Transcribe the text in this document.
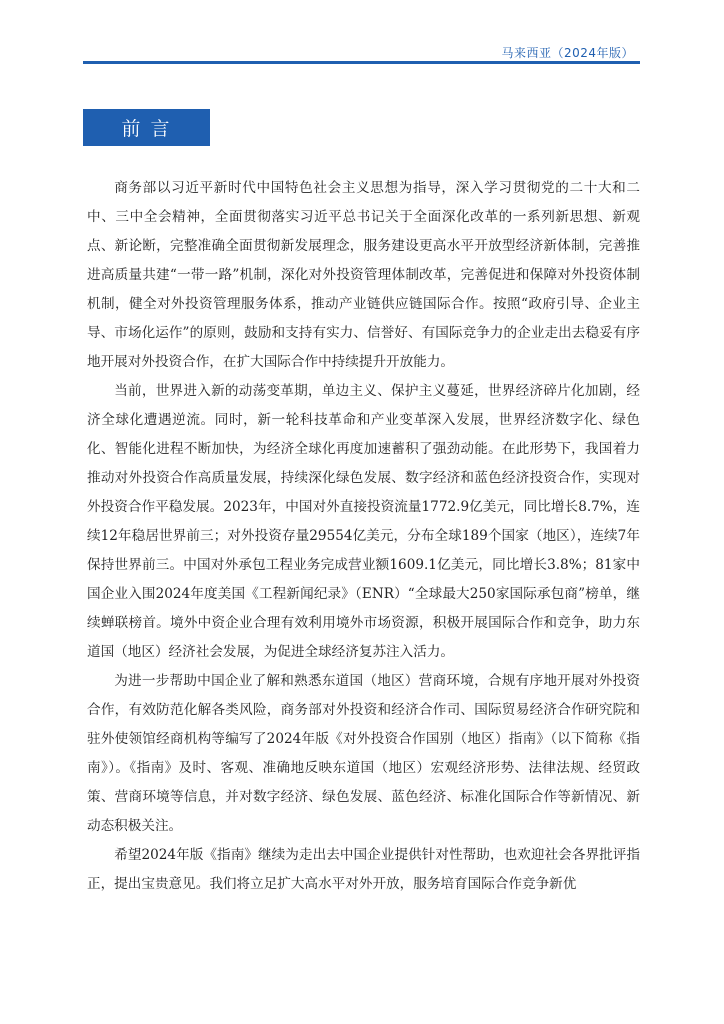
马来西亚（2024年版）
前言

商务部以习近平新时代中国特色社会主义思想为指导，深入学习贯彻党的二十大和二中、三中全会精神，全面贯彻落实习近平总书记关于全面深化改革的一系列新思想、新观点、新论断，完整准确全面贯彻新发展理念，服务建设更高水平开放型经济新体制，完善推进高质量共建“一带一路”机制，深化对外投资管理体制改革，完善促进和保障对外投资体制机制，健全对外投资管理服务体系，推动产业链供应链国际合作。按照“政府引导、企业主导、市场化运作”的原则，鼓励和支持有实力、信誉好、有国际竞争力的企业走出去稳妥有序地开展对外投资合作，在扩大国际合作中持续提升开放能力。

当前，世界进入新的动荡变革期，单边主义、保护主义蔓延，世界经济碎片化加剧，经济全球化遭遇逆流。同时，新一轮科技革命和产业变革深入发展，世界经济数字化、绿色化、智能化进程不断加快，为经济全球化再度加速蓄积了强劲动能。在此形势下，我国着力推动对外投资合作高质量发展，持续深化绿色发展、数字经济和蓝色经济投资合作，实现对外投资合作平稳发展。2023年，中国对外直接投资流量1772.9亿美元，同比增长8.7%，连续12年稳居世界前三；对外投资存量29554亿美元，分布全球189个国家（地区），连续7年保持世界前三。中国对外承包工程业务完成营业额1609.1亿美元，同比增长3.8%；81家中国企业入围2024年度美国《工程新闻纪录》（ENR）“全球最大250家国际承包商”榜单，继续蝉联榜首。境外中资企业合理有效利用境外市场资源，积极开展国际合作和竞争，助力东道国（地区）经济社会发展，为促进全球经济复苏注入活力。

为进一步帮助中国企业了解和熟悉东道国（地区）营商环境，合规有序地开展对外投资合作，有效防范化解各类风险，商务部对外投资和经济合作司、国际贸易经济合作研究院和驻外使领馆经商机构等编写了2024年版《对外投资合作国别（地区）指南》（以下简称《指南》）。《指南》及时、客观、准确地反映东道国（地区）宏观经济形势、法律法规、经贸政策、营商环境等信息，并对数字经济、绿色发展、蓝色经济、标准化国际合作等新情况、新动态积极关注。

希望2024年版《指南》继续为走出去中国企业提供针对性帮助，也欢迎社会各界批评指正，提出宝贵意见。我们将立足扩大高水平对外开放，服务培育国际合作竞争新优
